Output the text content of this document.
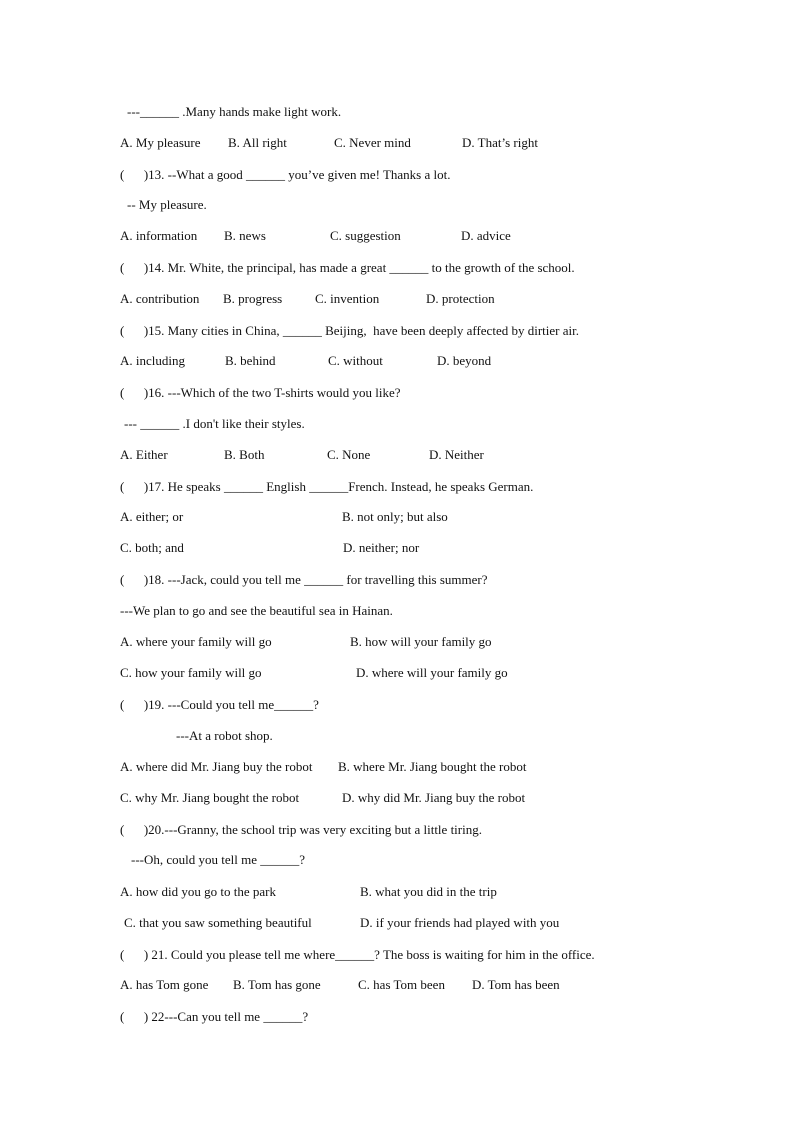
---______ .Many hands make light work.
A. My pleasure B. All right	C. Never mind	D. That’s right
(      )13. --What a good ______ you’ve given me! Thanks a lot.
-- My pleasure.
A. information B. news	C. suggestion	D. advice
(      )14. Mr. White, the principal, has made a great ______ to the growth of the school.
A. contribution B. progress	C. invention	D. protection
(      )15. Many cities in China, ______ Beijing,  have been deeply affected by dirtier air.
A. including	B. behind	C. without	D. beyond
(      )16. ---Which of the two T-shirts would you like?
--- ______ .I don't like their styles.
A. Either	B. Both	C. None	D. Neither
(      )17. He speaks ______ English ______French. Instead, he speaks German.
A. either; or	B. not only; but also
C. both; and	D. neither; nor
(      )18. ---Jack, could you tell me ______ for travelling this summer?
---We plan to go and see the beautiful sea in Hainan.
A. where your family will go	B. how will your family go
C. how your family will go	D. where will your family go
(      )19. ---Could you tell me______?
---At a robot shop.
A. where did Mr. Jiang buy the robot B. where Mr. Jiang bought the robot
C. why Mr. Jiang bought the robot	D. why did Mr. Jiang buy the robot
(      )20.---Granny, the school trip was very exciting but a little tiring.
---Oh, could you tell me ______?
A. how did you go to the park	B. what you did in the trip
C. that you saw something beautiful	D. if your friends had played with you
(      ) 21. Could you please tell me where______? The boss is waiting for him in the office.
A. has Tom gone B. Tom has gone	C. has Tom been D. Tom has been
(      ) 22---Can you tell me ______?
